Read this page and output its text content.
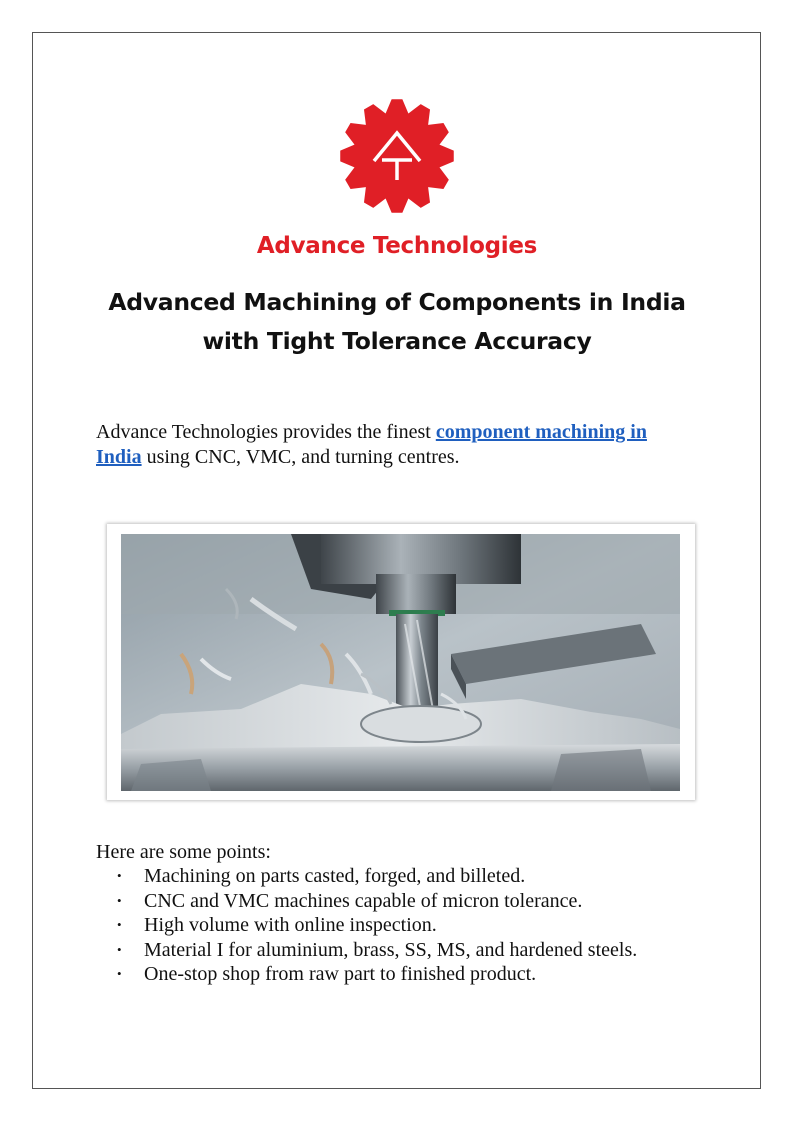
Advance Technologies
Advanced Machining of Components in India
with Tight Tolerance Accuracy
Advance Technologies provides the finest component machining in India using CNC, VMC, and turning centres.
Here are some points:
• Machining on parts casted, forged, and billeted.
• CNC and VMC machines capable of micron tolerance.
• High volume with online inspection.
• Material I for aluminium, brass, SS, MS, and hardened steels.
• One-stop shop from raw part to finished product.
